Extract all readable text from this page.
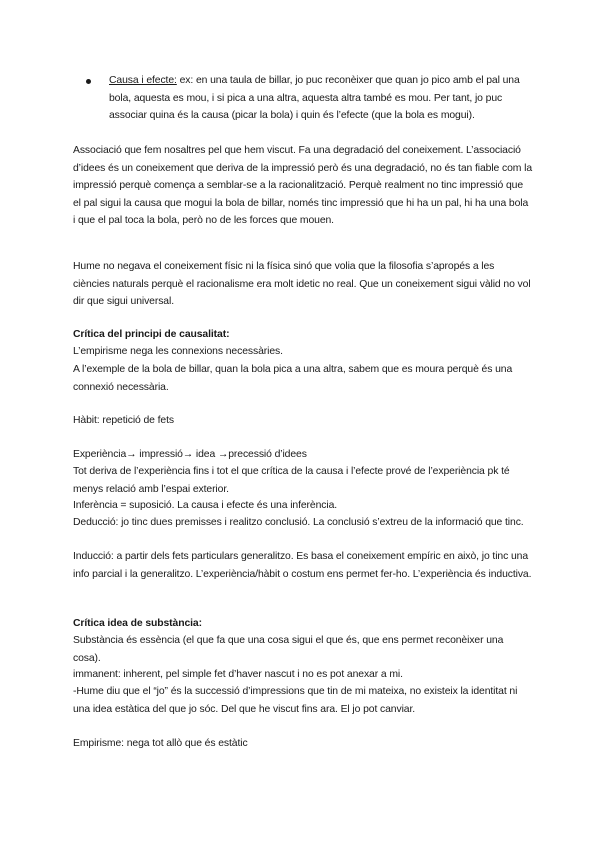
Causa i efecte: ex: en una taula de billar, jo puc reconèixer que quan jo pico amb el pal una bola, aquesta es mou, i si pica a una altra, aquesta altra també es mou. Per tant, jo puc associar quina és la causa (picar la bola) i quin és l’efecte (que la bola es mogui).

Associació que fem nosaltres pel que hem viscut. Fa una degradació del coneixement. L’associació d’idees és un coneixement que deriva de la impressió però és una degradació, no és tan fiable com la impressió perquè comença a semblar-se a la racionalització. Perquè realment no tinc impressió que el pal sigui la causa que mogui la bola de billar, només tinc impressió que hi ha un pal, hi ha una bola i que el pal toca la bola, però no de les forces que mouen.

Hume no negava el coneixement físic ni la física sinó que volia que la filosofia s’apropés a les ciències naturals perquè el racionalisme era molt idetic no real. Que un coneixement sigui vàlid no vol dir que sigui universal.

Crítica del principi de causalitat:

L’empirisme nega les connexions necessàries.

A l’exemple de la bola de billar, quan la bola pica a una altra, sabem que es moura perquè és una connexió necessària.

Hàbit: repetició de fets

Experiència→ impressió→ idea →precessió d’idees

Tot deriva de l’experiència fins i tot el que crítica de la causa i l’efecte prové de l’experiència pk té menys relació amb l’espai exterior.

Inferència = suposició. La causa i efecte és una inferència.

Deducció: jo tinc dues premisses i realitzo conclusió. La conclusió s’extreu de la informació que tinc.

Inducció: a partir dels fets particulars generalitzo. Es basa el coneixement empíric en això, jo tinc una info parcial i la generalitzo. L’experiència/hàbit o costum ens permet fer-ho. L’experiència és inductiva.

Crítica idea de substància:

Substància és essència (el que fa que una cosa sigui el que és, que ens permet reconèixer una cosa).

immanent: inherent, pel simple fet d’haver nascut i no es pot anexar a mi.

-Hume diu que el “jo” és la successió d’impressions que tin de mi mateixa, no existeix la identitat ni una idea estàtica del que jo sóc. Del que he viscut fins ara. El jo pot canviar.

Empirisme: nega tot allò que és estàtic
